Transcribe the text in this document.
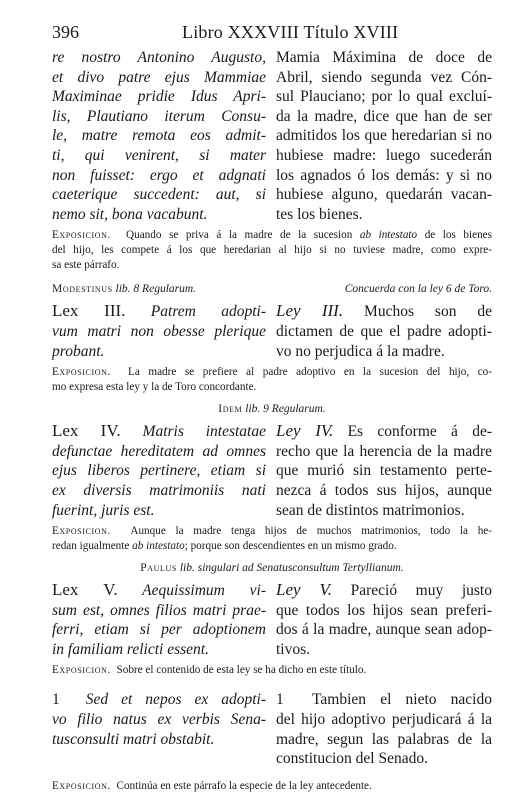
396	Libro XXXVIII Título XVIII
re nostro Antonino Augusto,
et divo patre ejus Mammiae
Maximinae pridie Idus Apri-
lis, Plautiano iterum Consu-
le, matre remota eos admit-
ti, qui venirent, si mater
non fuisset: ergo et adgnati
caeterique succedent: aut, si
nemo sit, bona vacabunt.
Mamia Máximina de doce de
Abril, siendo segunda vez Cón-
sul Plauciano; por lo qual excluí-
da la madre, dice que han de ser
admitidos los que heredarian si no
hubiese madre: luego sucederán
los agnados ó los demás: y si no
hubiese alguno, quedarán vacan-
tes los bienes.
Exposicion. Quando se priva á la madre de la sucesion ab intestato de los bienes
del hijo, les compete á los que heredarian al hijo si no tuviese madre, como expre-
sa este párrafo.
Modestinus lib. 8 Regularum.	Concuerda con la ley 6 de Toro.
Lex III. Patrem adopti-
vum matri non obesse plerique
probant.
Ley III. Muchos son de
dictamen de que el padre adopti-
vo no perjudica á la madre.
Exposicion. La madre se prefiere al padre adoptivo en la sucesion del hijo, co-
mo expresa esta ley y la de Toro concordante.
Idem lib. 9 Regularum.
Lex IV. Matris intestatae
defunctae hereditatem ad omnes
ejus liberos pertinere, etiam si
ex diversis matrimoniis nati
fuerint, juris est.
Ley IV. Es conforme á de-
recho que la herencia de la madre
que murió sin testamento perte-
nezca á todos sus hijos, aunque
sean de distintos matrimonios.
Exposicion. Aunque la madre tenga hijos de muchos matrimonios, todo la he-
redan igualmente ab intestato; porque son descendientes en un mismo grado.
Paulus lib. singulari ad Senatusconsultum Tertyllianum.
Lex V. Aequissimum vi-
sum est, omnes filios matri prae-
ferri, etiam si per adoptionem
in familiam relicti essent.
Ley V. Pareció muy justo
que todos los hijos sean preferi-
dos á la madre, aunque sean adop-
tivos.
Exposicion. Sobre el contenido de esta ley se ha dicho en este título.
1 Sed et nepos ex adopti-
vo filio natus ex verbis Sena-
tusconsulti matri obstabit.
1 Tambien el nieto nacido
del hijo adoptivo perjudicará á la
madre, segun las palabras de la
constitucion del Senado.
Exposicion. Continúa en este párrafo la especie de la ley antecedente.
